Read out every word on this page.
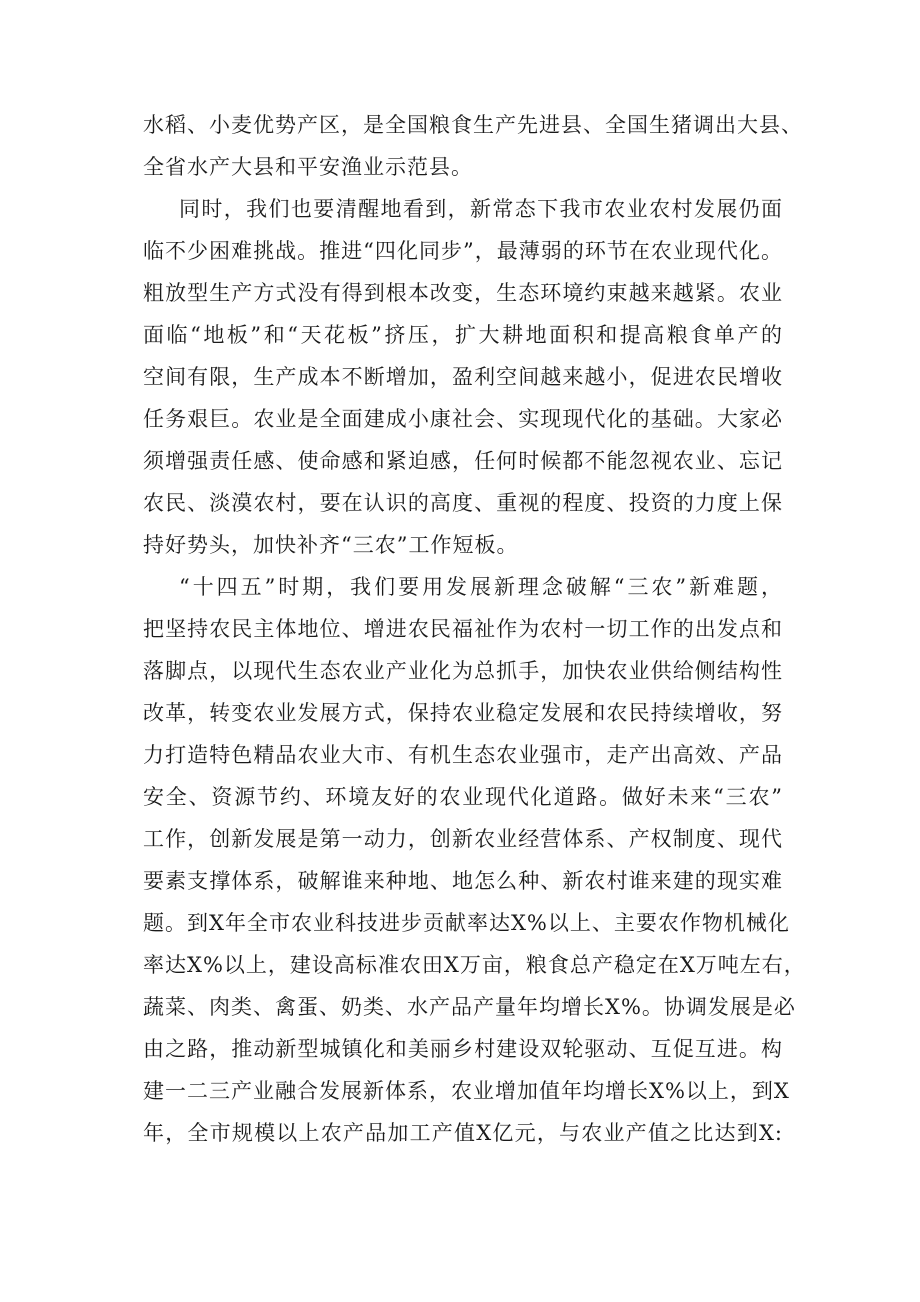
水稻、小麦优势产区，是全国粮食生产先进县、全国生猪调出大县、
全省水产大县和平安渔业示范县。
同时，我们也要清醒地看到，新常态下我市农业农村发展仍面
临不少困难挑战。推进“四化同步”，最薄弱的环节在农业现代化。
粗放型生产方式没有得到根本改变，生态环境约束越来越紧。农业
面临“地板”和“天花板”挤压，扩大耕地面积和提高粮食单产的
空间有限，生产成本不断增加，盈利空间越来越小，促进农民增收
任务艰巨。农业是全面建成小康社会、实现现代化的基础。大家必
须增强责任感、使命感和紧迫感，任何时候都不能忽视农业、忘记
农民、淡漠农村，要在认识的高度、重视的程度、投资的力度上保
持好势头，加快补齐“三农”工作短板。
“十四五”时期，我们要用发展新理念破解“三农”新难题，
把坚持农民主体地位、增进农民福祉作为农村一切工作的出发点和
落脚点，以现代生态农业产业化为总抓手，加快农业供给侧结构性
改革，转变农业发展方式，保持农业稳定发展和农民持续增收，努
力打造特色精品农业大市、有机生态农业强市，走产出高效、产品
安全、资源节约、环境友好的农业现代化道路。做好未来“三农”
工作，创新发展是第一动力，创新农业经营体系、产权制度、现代
要素支撑体系，破解谁来种地、地怎么种、新农村谁来建的现实难
题。到X年全市农业科技进步贡献率达X%以上、主要农作物机械化
率达X%以上，建设高标准农田X万亩，粮食总产稳定在X万吨左右，
蔬菜、肉类、禽蛋、奶类、水产品产量年均增长X%。协调发展是必
由之路，推动新型城镇化和美丽乡村建设双轮驱动、互促互进。构
建一二三产业融合发展新体系，农业增加值年均增长X%以上，到X
年，全市规模以上农产品加工产值X亿元，与农业产值之比达到X:
